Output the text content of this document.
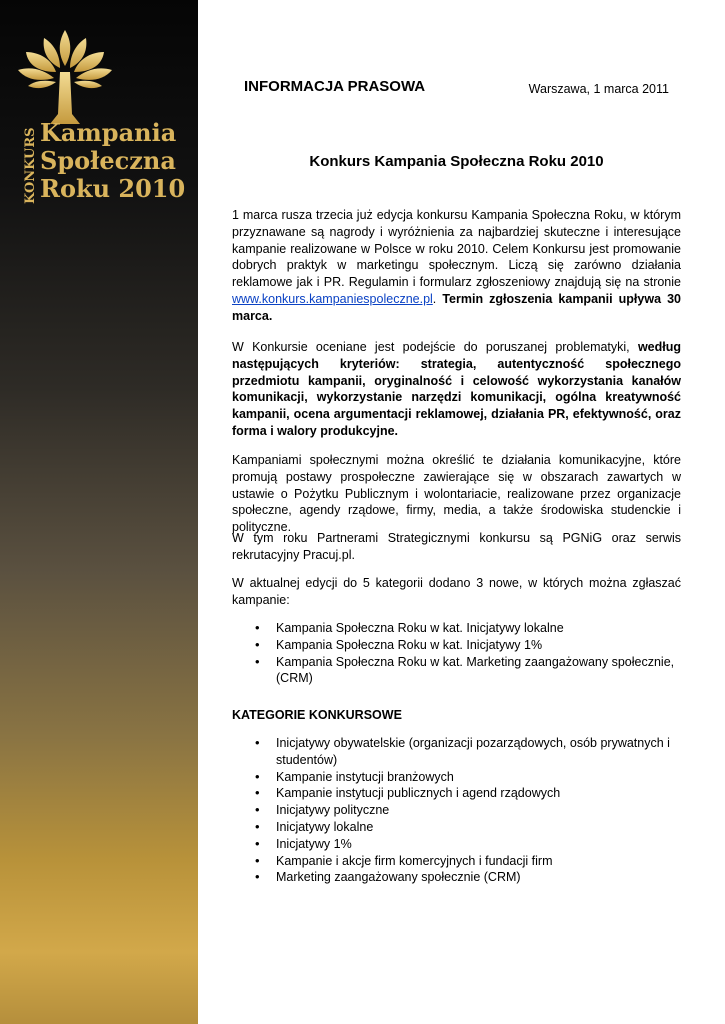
KONKURS Kampania
Społeczna
Roku 2010
INFORMACJA PRASOWA	Warszawa, 1 marca 2011
Konkurs Kampania Społeczna Roku 2010

1 marca rusza trzecia już edycja konkursu Kampania Społeczna Roku, w którym przyznawane są nagrody i wyróżnienia za najbardziej skuteczne i interesujące kampanie realizowane w Polsce w roku 2010. Celem Konkursu jest promowanie dobrych praktyk w marketingu społecznym. Liczą się zarówno działania reklamowe jak i PR. Regulamin i formularz zgłoszeniowy znajdują się na stronie www.konkurs.kampaniespoleczne.pl. Termin zgłoszenia kampanii upływa 30 marca.

W Konkursie oceniane jest podejście do poruszanej problematyki, według następujących kryteriów: strategia, autentyczność społecznego przedmiotu kampanii, oryginalność i celowość wykorzystania kanałów komunikacji, wykorzystanie narzędzi komunikacji, ogólna kreatywność kampanii, ocena argumentacji reklamowej, działania PR, efektywność, oraz forma i walory produkcyjne.

Kampaniami społecznymi można określić te działania komunikacyjne, które promują postawy prospołeczne zawierające się w obszarach zawartych w ustawie o Pożytku Publicznym i wolontariacie, realizowane przez organizacje społeczne, agendy rządowe, firmy, media, a także środowiska studenckie i polityczne.

W tym roku Partnerami Strategicznymi konkursu są PGNiG oraz serwis rekrutacyjny Pracuj.pl.

W aktualnej edycji do 5 kategorii dodano 3 nowe, w których można zgłaszać kampanie:

• Kampania Społeczna Roku w kat. Inicjatywy lokalne
• Kampania Społeczna Roku w kat. Inicjatywy 1%
• Kampania Społeczna Roku w kat. Marketing zaangażowany społecznie, (CRM)
KATEGORIE KONKURSOWE
• Inicjatywy obywatelskie (organizacji pozarządowych, osób prywatnych i studentów)
• Kampanie instytucji branżowych
• Kampanie instytucji publicznych i agend rządowych
• Inicjatywy polityczne
• Inicjatywy lokalne
• Inicjatywy 1%
• Kampanie i akcje firm komercyjnych i fundacji firm
• Marketing zaangażowany społecznie (CRM)
